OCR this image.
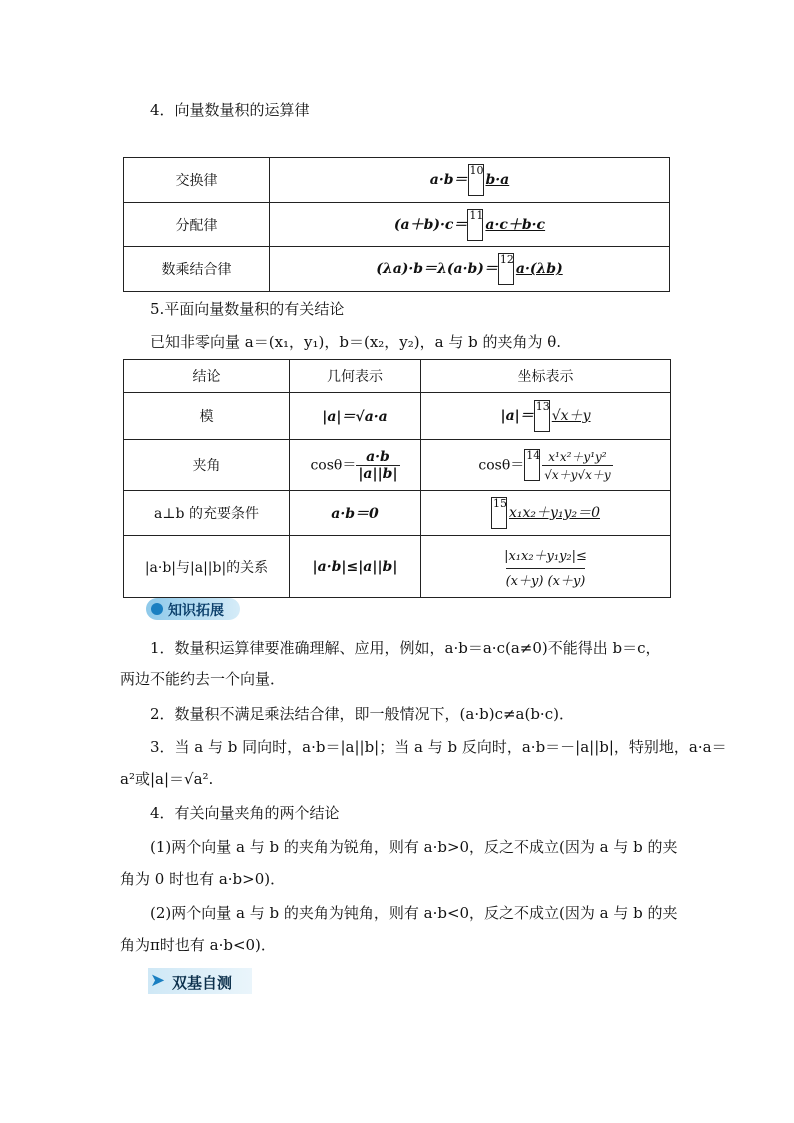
4．向量数量积的运算律
交换律	a·b＝
10
b·a
分配律	(a＋b)·c＝
11
a·c＋b·c
数乘结合律	(λa)·b＝λ(a·b)＝
12
a·(λb)
5.平面向量数量积的有关结论
已知非零向量 a＝(x₁，y₁)，b＝(x₂，y₂)，a 与 b 的夹角为 θ.
结论	几何表示	坐标表示
模	|a|＝√a·a	|a|＝
13
√x＋y
夹角	$\cos\theta= \frac{a\cdot b}{|a||b|}$	cosθ＝
$14 \frac{\text{x¹x²＋y¹y²}}{√x+y√x+y}$

a⊥b 的充要条件	a·b＝0	15
x₁x₂＋y₁y₂＝0
|a·b|与|a||b|的关系	|a·b|≤|a||b|	|x₁x₂＋y₁y₂|≤
(x＋y) (x＋y)
知识拓展
1．数量积运算律要准确理解、应用，例如，a·b＝a·c(a≠0)不能得出 b＝c，
两边不能约去一个向量．
2．数量积不满足乘法结合律，即一般情况下，(a·b)c≠a(b·c)．
3．当 a 与 b 同向时，a·b＝|a||b|；当 a 与 b 反向时，a·b＝－|a||b|，特别地，a·a＝
a²或|a|＝√a².
4．有关向量夹角的两个结论
(1)两个向量 a 与 b 的夹角为锐角，则有 a·b>0，反之不成立(因为 a 与 b 的夹
角为 0 时也有 a·b>0)．
(2)两个向量 a 与 b 的夹角为钝角，则有 a·b<0，反之不成立(因为 a 与 b 的夹
角为π时也有 a·b<0)．
➤ 双基自测
